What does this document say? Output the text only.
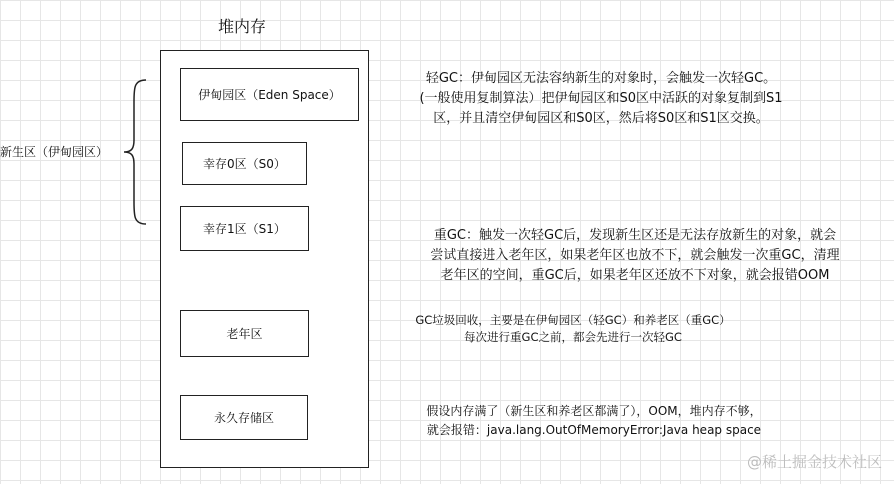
堆内存
伊甸园区（Eden Space）
幸存0区（S0）
幸存1区（S1）
老年区
永久存储区
新生区（伊甸园区）
轻GC：伊甸园区无法容纳新生的对象时，会触发一次轻GC。
(一般使用复制算法）把伊甸园区和S0区中活跃的对象复制到S1
区，并且清空伊甸园区和S0区，然后将S0区和S1区交换。
重GC：触发一次轻GC后，发现新生区还是无法存放新生的对象，就会
尝试直接进入老年区，如果老年区也放不下，就会触发一次重GC，清理
老年区的空间，重GC后，如果老年区还放不下对象，就会报错OOM
GC垃圾回收，主要是在伊甸园区（轻GC）和养老区（重GC）
每次进行重GC之前，都会先进行一次轻GC
假设内存满了（新生区和养老区都满了），OOM，堆内存不够，
就会报错：java.lang.OutOfMemoryError:Java heap space
@稀土掘金技术社区
